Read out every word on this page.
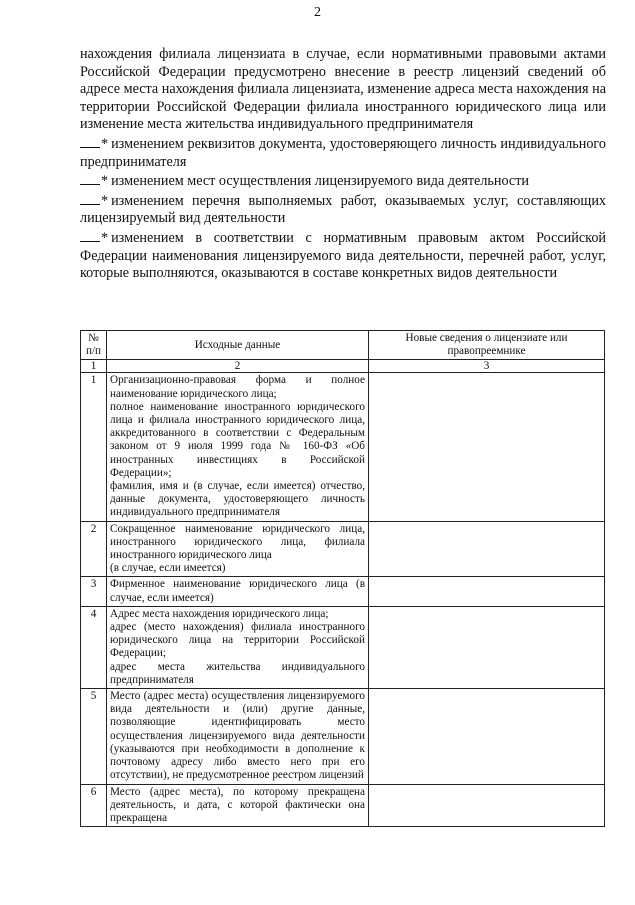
2

нахождения филиала лицензиата в случае, если нормативными правовыми актами Российской Федерации предусмотрено внесение в реестр лицензий сведений об адресе места нахождения филиала лицензиата, изменение адреса места нахождения на территории Российской Федерации филиала иностранного юридического лица или изменение места жительства индивидуального предпринимателя

* изменением реквизитов документа, удостоверяющего личность индивидуального предпринимателя

* изменением мест осуществления лицензируемого вида деятельности

* изменением перечня выполняемых работ, оказываемых услуг, составляющих лицензируемый вид деятельности

* изменением в соответствии с нормативным правовым актом Российской Федерации наименования лицензируемого вида деятельности, перечней работ, услуг, которые выполняются, оказываются в составе конкретных видов деятельности

№ п/п	Исходные данные	Новые сведения о лицензиате или правопреемнике
1	2	3
1	Организационно-правовая форма и полное наименование юридического лица;
полное наименование иностранного юридического лица и филиала иностранного юридического лица, аккредитованного в соответствии с Федеральным законом от 9 июля 1999 года № 160-ФЗ «Об иностранных инвестициях в Российской Федерации»;
фамилия, имя и (в случае, если имеется) отчество, данные документа, удостоверяющего личность индивидуального предпринимателя	

2	Сокращенное наименование юридического лица, иностранного юридического лица, филиала иностранного юридического лица
(в случае, если имеется)	

3	Фирменное наименование юридического лица (в случае, если имеется)	

4	Адрес места нахождения юридического лица;
адрес (место нахождения) филиала иностранного юридического лица на территории Российской Федерации;
адрес места жительства индивидуального предпринимателя	

5	Место (адрес места) осуществления лицензируемого вида деятельности и (или) другие данные, позволяющие идентифицировать место осуществления лицензируемого вида деятельности (указываются при необходимости в дополнение к почтовому адресу либо вместо него при его отсутствии), не предусмотренное реестром лицензий	

6	Место (адрес места), по которому прекращена деятельность, и дата, с которой фактически она прекращена	
